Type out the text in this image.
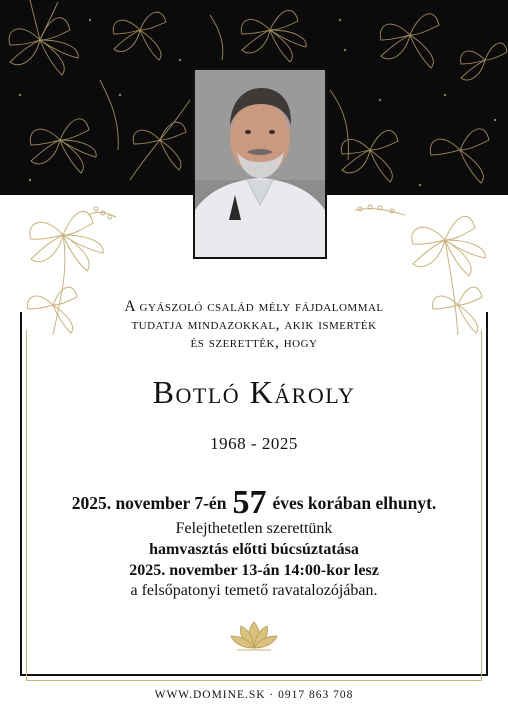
A gyászoló család mély fájdalommal
tudatja mindazokkal, akik ismerték
és szerették, hogy
Botló Károly
1968 - 2025
2025. november 7-én 57 éves korában elhunyt.
Felejthetetlen szerettünk
hamvasztás előtti búcsúztatása
2025. november 13-án 14:00-kor lesz
a felsőpatonyi temető ravatalozójában.
WWW.DOMINE.SK · 0917 863 708
